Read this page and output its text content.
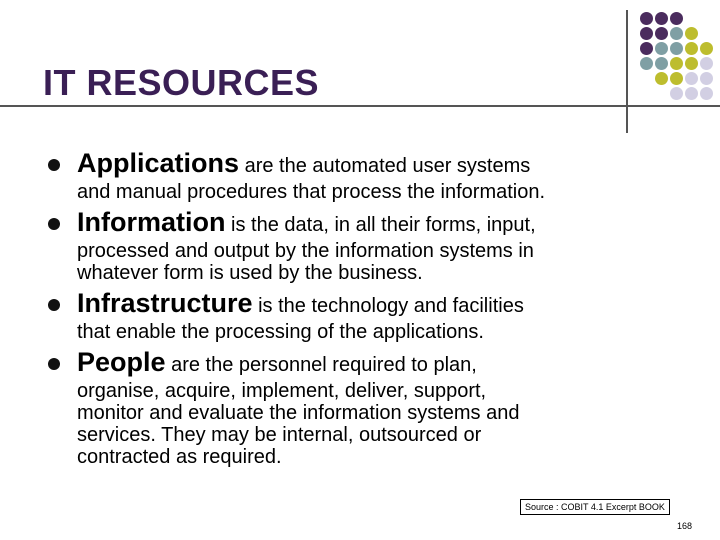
IT RESOURCES
Applications are the automated user systems
and manual procedures that process the information.
Information is the data, in all their forms, input,
processed and output by the information systems in
whatever form is used by the business.
Infrastructure is the technology and facilities
that enable the processing of the applications.
People are the personnel required to plan,
organise, acquire, implement, deliver, support,
monitor and evaluate the information systems and
services. They may be internal, outsourced or
contracted as required.
Source : COBIT 4.1 Excerpt BOOK
168
